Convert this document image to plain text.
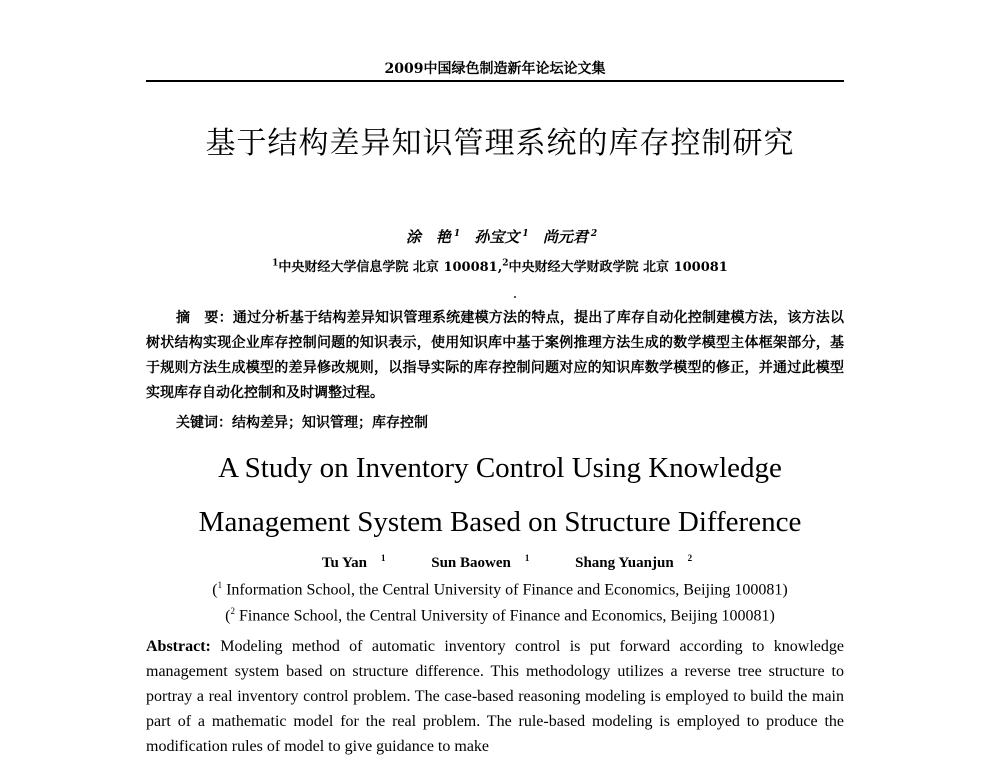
2009中国绿色制造新年论坛论文集
基于结构差异知识管理系统的库存控制研究
涂　艳 $^1$ 孙宝文 $^1$ 尚元君 $^2$
$^1$中央财经大学信息学院 北京 100081,$^2$中央财经大学财政学院 北京 100081
摘　要：通过分析基于结构差异知识管理系统建模方法的特点，提出了库存自动化控制建模方法，该方法以树状结构实现企业库存控制问题的知识表示，使用知识库中基于案例推理方法生成的数学模型主体框架部分，基于规则方法生成模型的差异修改规则，以指导实际的库存控制问题对应的知识库数学模型的修正，并通过此模型实现库存自动化控制和及时调整过程。
关键词：结构差异；知识管理；库存控制
A Study on Inventory Control Using Knowledge
Management System Based on Structure Difference
Tu Yan $^1$	Sun Baowen $^1$	Shang Yuanjun $^2$
($^1$ Information School, the Central University of Finance and Economics, Beijing 100081)
($^2$ Finance School, the Central University of Finance and Economics, Beijing 100081)
Abstract: Modeling method of automatic inventory control is put forward according to knowledge management system based on structure difference. This methodology utilizes a reverse tree structure to portray a real inventory control problem. The case-based reasoning modeling is employed to build the main part of a mathematic model for the real problem. The rule-based modeling is employed to produce the modification rules of model to give guidance to make
